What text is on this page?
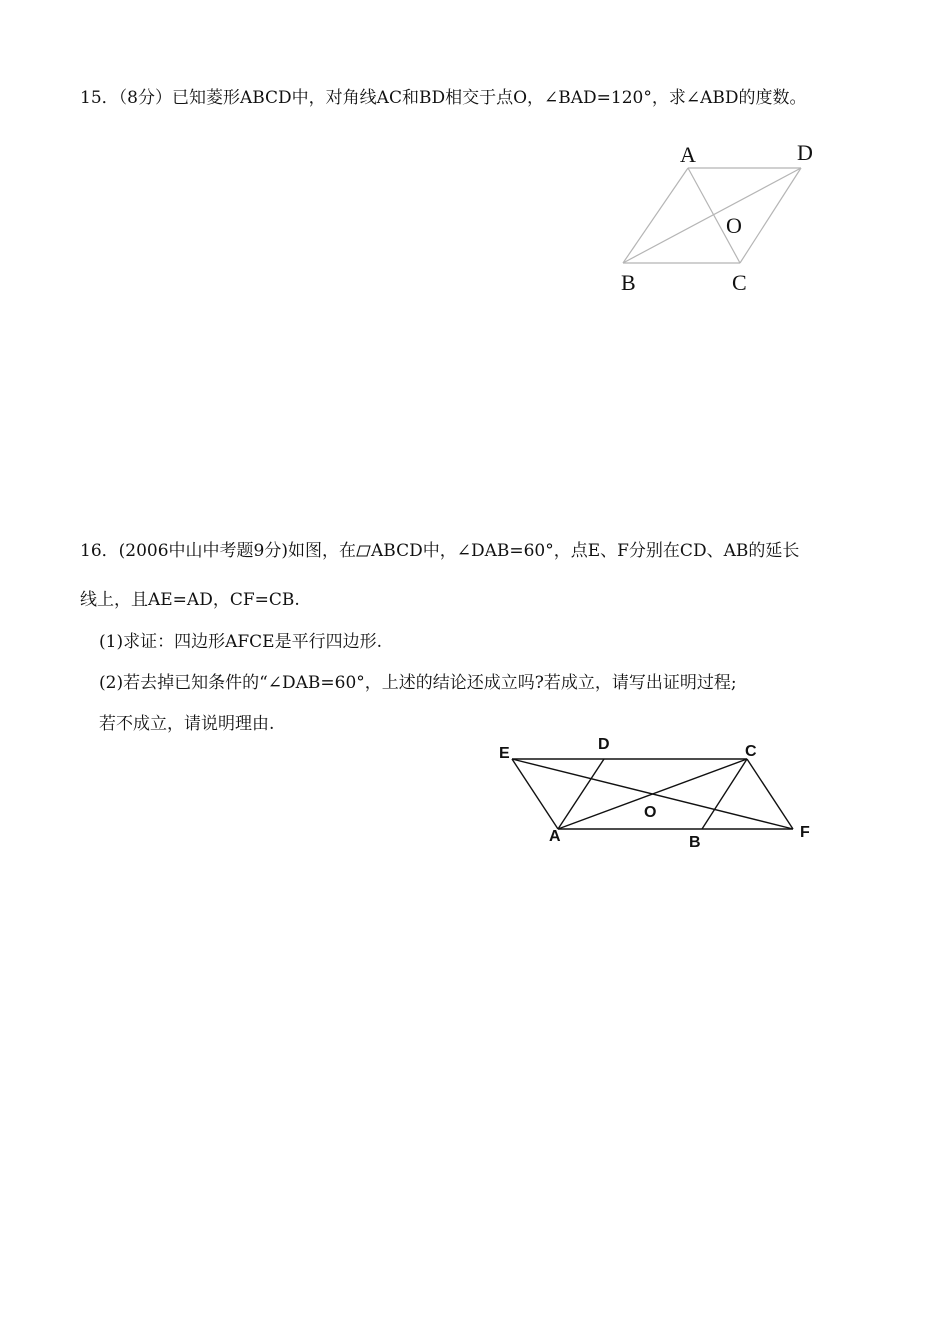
15．（8分）已知菱形ABCD中，对角线AC和BD相交于点O，∠BAD=120°，求∠ABD的度数。
A	D
O
B	C
16．(2006中山中考题9分)如图，在 ABCD中，∠DAB=60°，点E、F分别在CD、AB的延长
线上，且AE=AD，CF=CB.
(1)求证：四边形AFCE是平行四边形.
(2)若去掉已知条件的“∠DAB=60°，上述的结论还成立吗?若成立，请写出证明过程;
若不成立，请说明理由.
E
D	C
O
A	B
F
